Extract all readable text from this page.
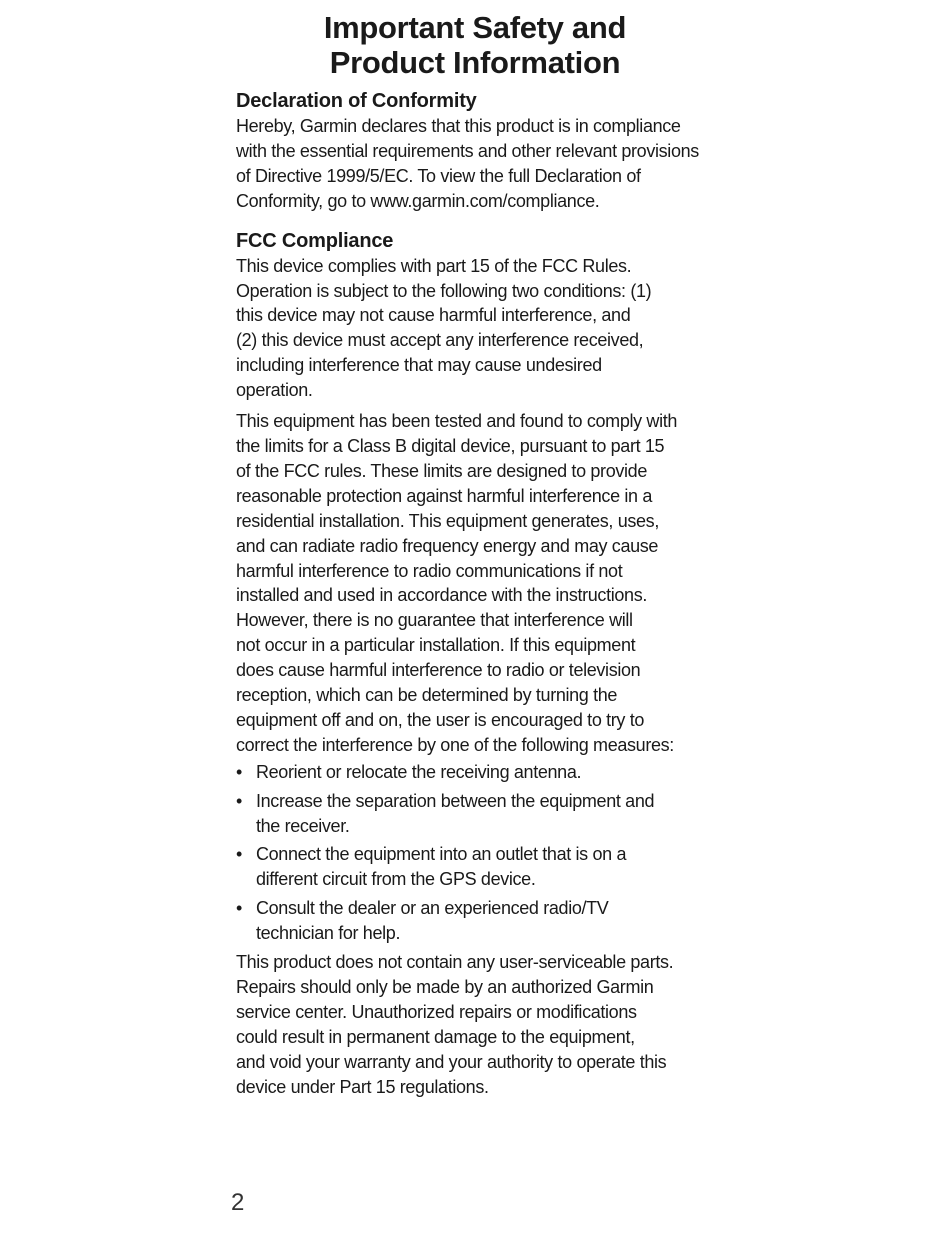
Important Safety and
Product Information
Declaration of Conformity

Hereby, Garmin declares that this product is in compliance
with the essential requirements and other relevant provisions
of Directive 1999/5/EC. To view the full Declaration of
Conformity, go to www.garmin.com/compliance.

FCC Compliance

This device complies with part 15 of the FCC Rules.
Operation is subject to the following two conditions: (1)
this device may not cause harmful interference, and
(2) this device must accept any interference received,
including interference that may cause undesired
operation.

This equipment has been tested and found to comply with
the limits for a Class B digital device, pursuant to part 15
of the FCC rules. These limits are designed to provide
reasonable protection against harmful interference in a
residential installation. This equipment generates, uses,
and can radiate radio frequency energy and may cause
harmful interference to radio communications if not
installed and used in accordance with the instructions.
However, there is no guarantee that interference will
not occur in a particular installation. If this equipment
does cause harmful interference to radio or television
reception, which can be determined by turning the
equipment off and on, the user is encouraged to try to
correct the interference by one of the following measures:

• Reorient or relocate the receiving antenna.
• Increase the separation between the equipment and
the receiver.
• Connect the equipment into an outlet that is on a
different circuit from the GPS device.
• Consult the dealer or an experienced radio/TV
technician for help.

This product does not contain any user-serviceable parts.
Repairs should only be made by an authorized Garmin
service center. Unauthorized repairs or modifications
could result in permanent damage to the equipment,
and void your warranty and your authority to operate this
device under Part 15 regulations.

2
